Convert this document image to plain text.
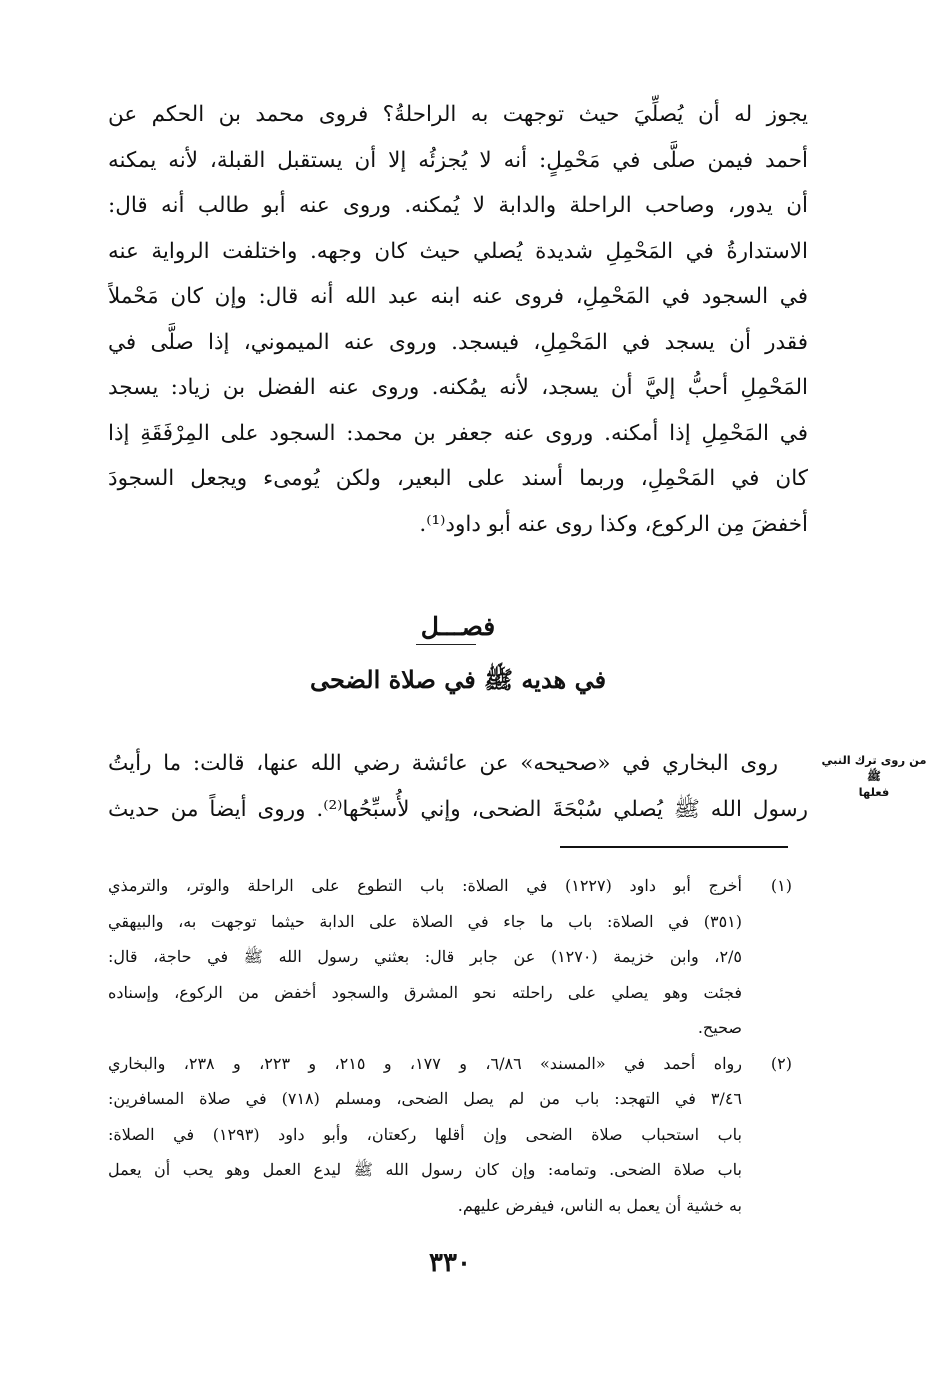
يجوز له أن يُصلِّيَ حيث توجهت به الراحلةُ؟ فروى محمد بن الحكم عن
أحمد فيمن صلَّى في مَحْمِلٍ: أنه لا يُجزئُه إلا أن يستقبل القبلة، لأنه يمكنه
أن يدور، وصاحب الراحلة والدابة لا يُمكنه. وروى عنه أبو طالب أنه قال:
الاستدارةُ في المَحْمِلِ شديدة يُصلي حيث كان وجهه. واختلفت الرواية عنه
في السجود في المَحْمِلِ، فروى عنه ابنه عبد الله أنه قال: وإن كان مَحْملاً
فقدر أن يسجد في المَحْمِلِ، فيسجد. وروى عنه الميموني، إذا صلَّى في
المَحْمِلِ أحبُّ إليَّ أن يسجد، لأنه يمُكنه. وروى عنه الفضل بن زياد: يسجد
في المَحْمِلِ إذا أمكنه. وروى عنه جعفر بن محمد: السجود على المِرْفَقَةِ إذا
كان في المَحْمِلِ، وربما أسند على البعير، ولكن يُومىء ويجعل السجودَ
أخفضَ مِن الركوع، وكذا روى عنه أبو داود⁽¹⁾.
فصـــل
في هديه ﷺ في صلاة الضحى
روى البخاري في «صحيحه» عن عائشة رضي الله عنها، قالت: ما رأيتُ
رسول الله ﷺ يُصلي سُبْحَةَ الضحى، وإني لأُسبِّحُها⁽²⁾. وروى أيضاً من حديث
من روى ترك النبي ﷺ
فعلها
(١)
أخرج أبو داود (١٢٢٧) في الصلاة: باب التطوع على الراحلة والوتر، والترمذي
(٣٥١) في الصلاة: باب ما جاء في الصلاة على الدابة حيثما توجهت به، والبيهقي
٢/٥، وابن خزيمة (١٢٧٠) عن جابر قال: بعثني رسول الله ﷺ في حاجة، قال:
فجئت وهو يصلي على راحلته نحو المشرق والسجود أخفض من الركوع، وإسناده
صحيح.
(٢)
رواه أحمد في «المسند» ٦/٨٦، و ١٧٧، و ٢١٥، و ٢٢٣، و ٢٣٨، والبخاري
٣/٤٦ في التهجد: باب من لم يصل الضحى، ومسلم (٧١٨) في صلاة المسافرين:
باب استحباب صلاة الضحى وإن أقلها ركعتان، وأبو داود (١٢٩٣) في الصلاة:
باب صلاة الضحى. وتمامه: وإن كان رسول الله ﷺ ليدع العمل وهو يحب أن يعمل
به خشية أن يعمل به الناس، فيفرض عليهم.
٣٣٠
